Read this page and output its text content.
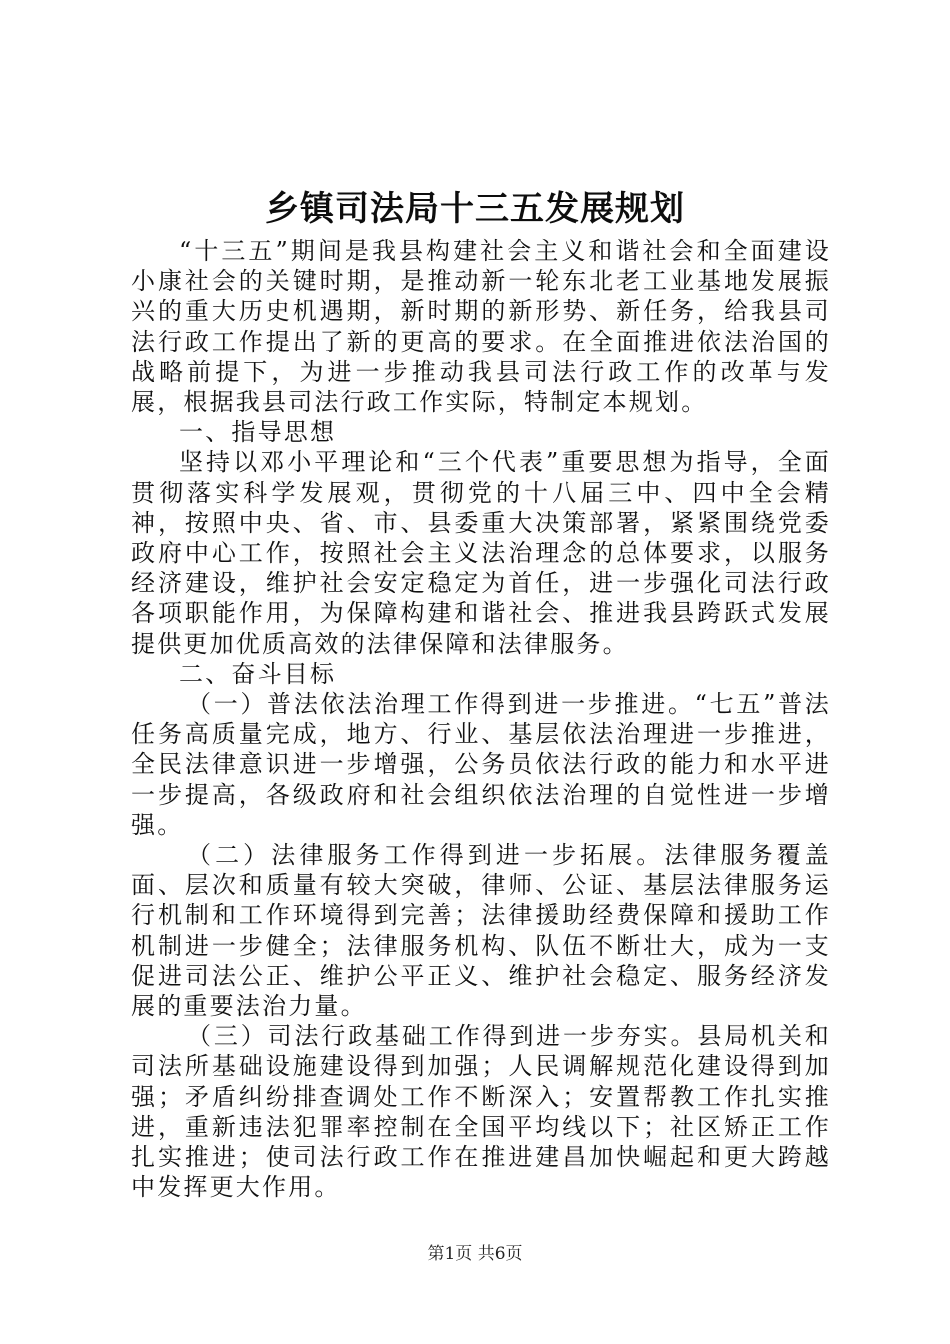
乡镇司法局十三五发展规划

“十三五”期间是我县构建社会主义和谐社会和全面建设小康社会的关键时期，是推动新一轮东北老工业基地发展振兴的重大历史机遇期，新时期的新形势、新任务，给我县司法行政工作提出了新的更高的要求。在全面推进依法治国的战略前提下，为进一步推动我县司法行政工作的改革与发展，根据我县司法行政工作实际，特制定本规划。

一、指导思想

坚持以邓小平理论和“三个代表”重要思想为指导，全面贯彻落实科学发展观，贯彻党的十八届三中、四中全会精神，按照中央、省、市、县委重大决策部署，紧紧围绕党委政府中心工作，按照社会主义法治理念的总体要求，以服务经济建设，维护社会安定稳定为首任，进一步强化司法行政各项职能作用，为保障构建和谐社会、推进我县跨跃式发展提供更加优质高效的法律保障和法律服务。

二、奋斗目标

（一）普法依法治理工作得到进一步推进。“七五”普法任务高质量完成，地方、行业、基层依法治理进一步推进，全民法律意识进一步增强，公务员依法行政的能力和水平进一步提高，各级政府和社会组织依法治理的自觉性进一步增强。

（二）法律服务工作得到进一步拓展。法律服务覆盖面、层次和质量有较大突破，律师、公证、基层法律服务运行机制和工作环境得到完善；法律援助经费保障和援助工作机制进一步健全；法律服务机构、队伍不断壮大，成为一支促进司法公正、维护公平正义、维护社会稳定、服务经济发展的重要法治力量。

（三）司法行政基础工作得到进一步夯实。县局机关和司法所基础设施建设得到加强；人民调解规范化建设得到加强；矛盾纠纷排查调处工作不断深入；安置帮教工作扎实推进，重新违法犯罪率控制在全国平均线以下；社区矫正工作扎实推进；使司法行政工作在推进建昌加快崛起和更大跨越中发挥更大作用。

第1页 共6页
